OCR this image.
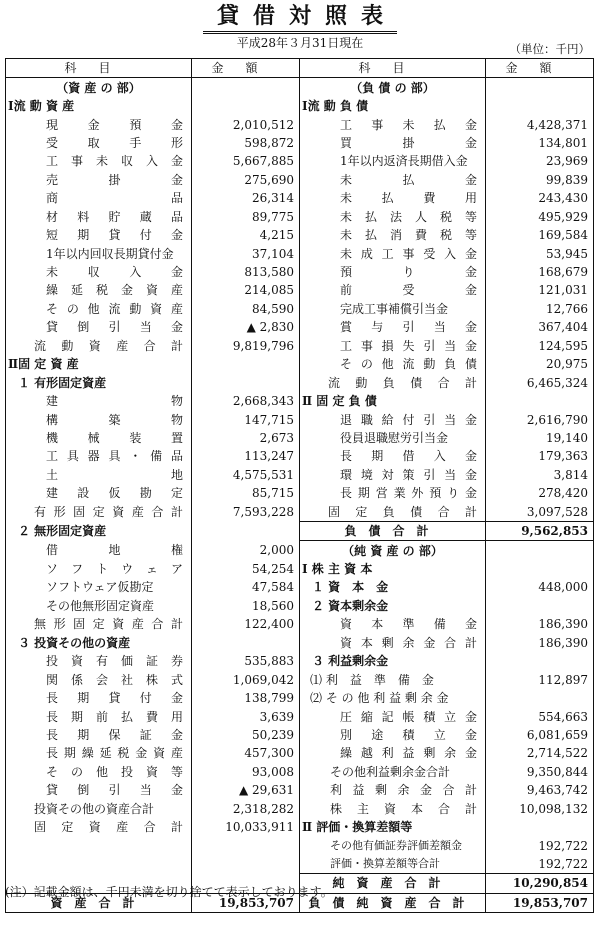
貸借対照表
平成28年３月31日現在	（単位：千円）
科目	金額	科目	金額
（資 産 の 部）		（負 債 の 部）	
Ⅰ流 動 資 産		Ⅰ流 動 負 債	

現金預金	2,010,512	工事未払金	4,428,371

受取手形	598,872	買掛金	134,801

工事未収入金	5,667,885	1年以内返済長期借入金	23,969

売掛金	275,690	未払金	99,839

商品	26,314	未払費用	243,430

材料貯蔵品	89,775	未払法人税等	495,929

短期貸付金	4,215	未払消費税等	169,584

1年以内回収長期貸付金	37,104	未成工事受入金	53,945

未収入金	813,580	預り金	168,679

繰延税金資産	214,085	前受金	121,031

その他流動資産	84,590	完成工事補償引当金	12,766

貸倒引当金	▲ 2,830	賞与引当金	367,404

流動資産合計	9,819,796	工事損失引当金	124,595
Ⅱ固 定 資 産		その他流動負債	20,975
１ 有形固定資産		流動負債合計	6,465,324

建物	2,668,343	Ⅱ 固 定 負 債	

構築物	147,715	退職給付引当金	2,616,790

機械装置	2,673	役員退職慰労引当金	19,140

工具器具・備品	113,247	長期借入金	179,363

土地	4,575,531	環境対策引当金	3,814

建設仮勘定	85,715	長期営業外預り金	278,420

有形固定資産合計	7,593,228	固定負債合計	3,097,528
２ 無形固定資産		負債合計	9,562,853

借地権	2,000	（純 資 産 の 部）	

ソフトウェア	54,254	Ⅰ 株 主 資 本	

ソフトウェア仮勘定	47,584	１ 資　本　金	448,000

その他無形固定資産	18,560	２ 資本剰余金	

無形固定資産合計	122,400	資本準備金	186,390
３ 投資その他の資産		資本剰余金合計	186,390

投資有価証券	535,883	３ 利益剰余金	

関係会社株式	1,069,042	⑴ 利　益　準　備　金	112,897

長期貸付金	138,799	⑵ そ の 他 利 益 剰 余 金	

長期前払費用	3,639	圧縮記帳積立金	554,663

長期保証金	50,239	別途積立金	6,081,659

長期繰延税金資産	457,300	繰越利益剰余金	2,714,522

その他投資等	93,008	その他利益剰余金合計	9,350,844

貸倒引当金	▲ 29,631	利益剰余金合計	9,463,742

投資その他の資産合計	2,318,282	株主資本合計	10,098,132

固定資産合計	10,033,911	Ⅱ 評価・換算差額等	

		その他有価証券評価差額金	192,722

		評価・換算差額等合計	192,722
		純資産合計	10,290,854
資産合計	19,853,707	負債純資産合計	19,853,707
(注）記載金額は、千円未満を切り捨てて表示しております。
